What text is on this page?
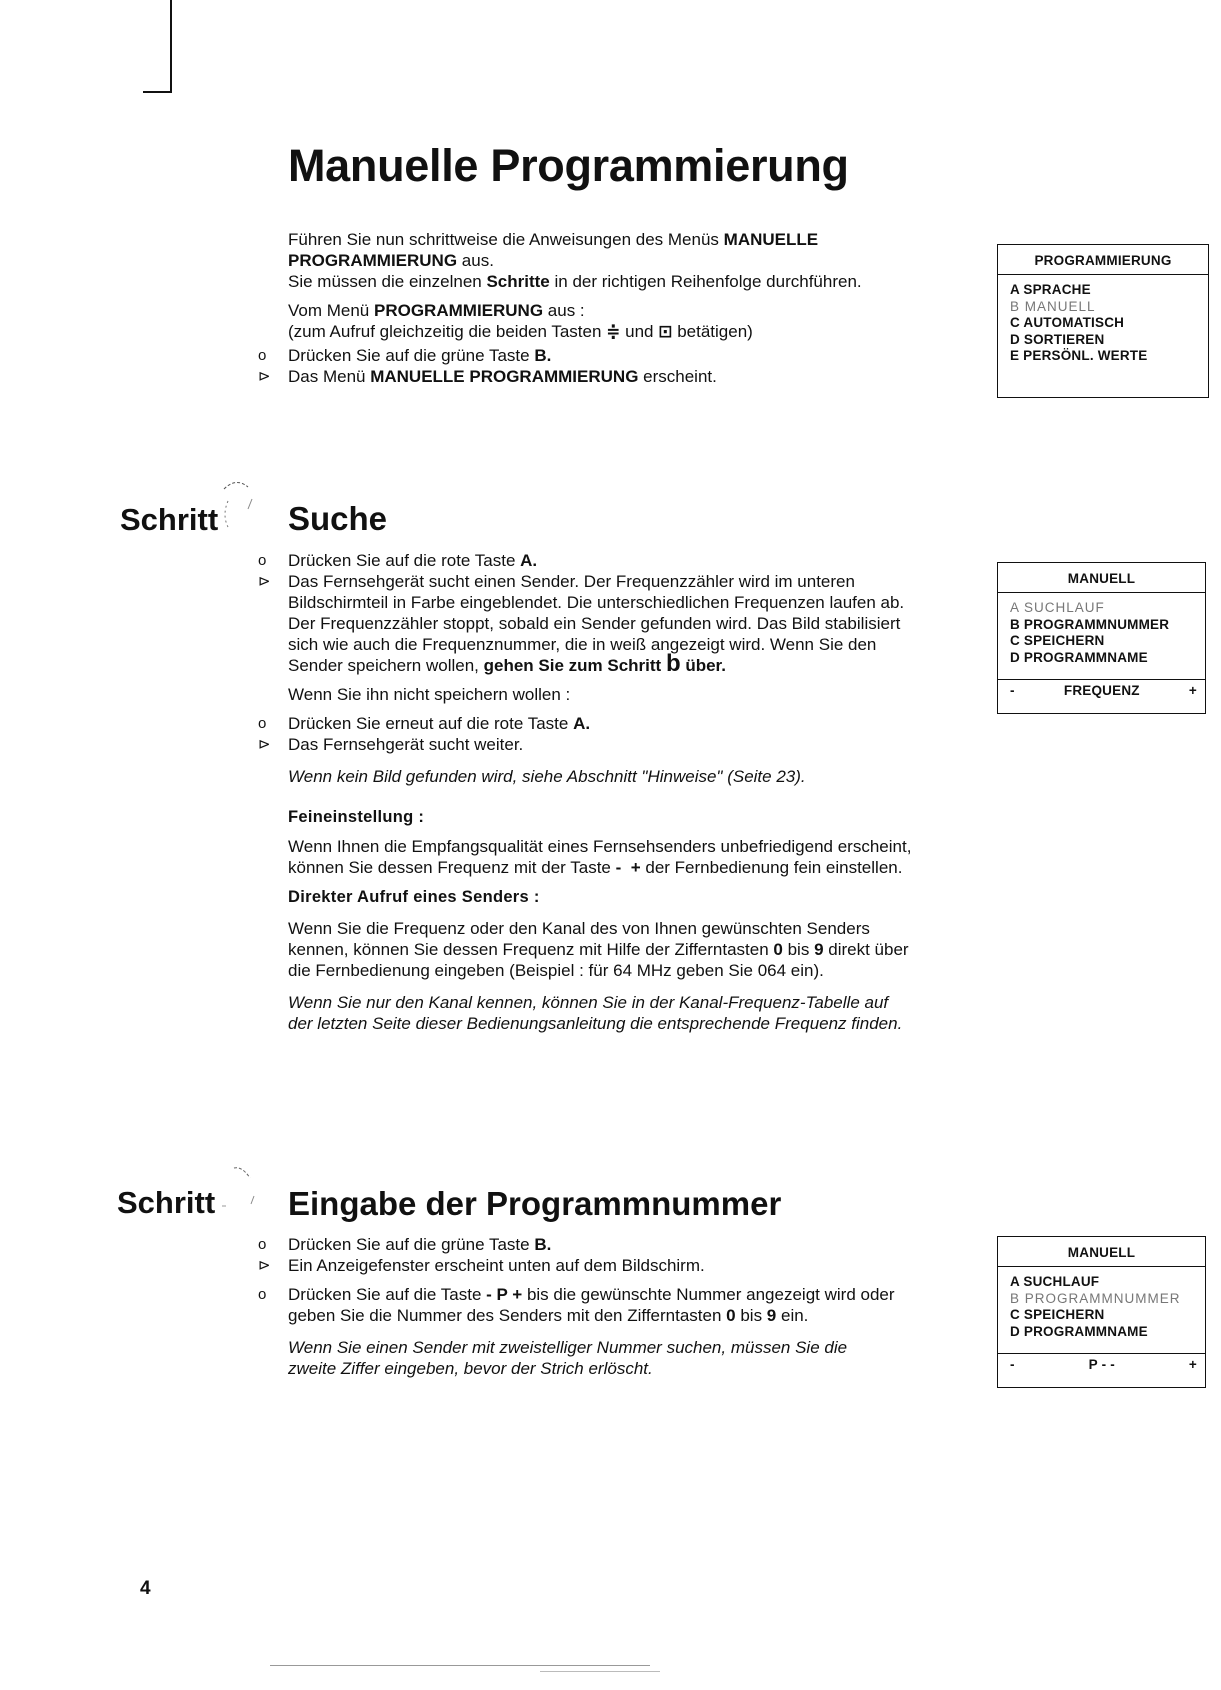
Manuelle Programmierung
Führen Sie nun schrittweise die Anweisungen des Menüs MANUELLE
PROGRAMMIERUNG aus.
Sie müssen die einzelnen Schritte in der richtigen Reihenfolge durchführen.
Vom Menü PROGRAMMIERUNG aus :
(zum Aufruf gleichzeitig die beiden Tasten ≑ und ⊡ betätigen)
o	Drücken Sie auf die grüne Taste B.
⊳	Das Menü MANUELLE PROGRAMMIERUNG erscheint.
PROGRAMMIERUNG
A SPRACHE
B MANUELL
C AUTOMATISCH
D SORTIEREN
E PERSÖNL. WERTE
Schritt Suche
o	Drücken Sie auf die rote Taste A.
⊳	Das Fernsehgerät sucht einen Sender. Der Frequenzzähler wird im unteren
Bildschirmteil in Farbe eingeblendet. Die unterschiedlichen Frequenzen laufen ab.
Der Frequenzzähler stoppt, sobald ein Sender gefunden wird. Das Bild stabilisiert
sich wie auch die Frequenznummer, die in weiß angezeigt wird. Wenn Sie den
Sender speichern wollen, gehen Sie zum Schritt b über.
Wenn Sie ihn nicht speichern wollen :
o	Drücken Sie erneut auf die rote Taste A.
⊳	Das Fernsehgerät sucht weiter.
Wenn kein Bild gefunden wird, siehe Abschnitt "Hinweise" (Seite 23).
Feineinstellung :
Wenn Ihnen die Empfangsqualität eines Fernsehsenders unbefriedigend erscheint,
können Sie dessen Frequenz mit der Taste -  + der Fernbedienung fein einstellen.
Direkter Aufruf eines Senders :
Wenn Sie die Frequenz oder den Kanal des von Ihnen gewünschten Senders
kennen, können Sie dessen Frequenz mit Hilfe der Zifferntasten 0 bis 9 direkt über
die Fernbedienung eingeben (Beispiel : für 64 MHz geben Sie 064 ein).
Wenn Sie nur den Kanal kennen, können Sie in der Kanal-Frequenz-Tabelle auf
der letzten Seite dieser Bedienungsanleitung die entsprechende Frequenz finden.
MANUELL
A SUCHLAUF
B PROGRAMMNUMMER
C SPEICHERN
D PROGRAMMNAME
-	FREQUENZ	+
Schritt Eingabe der Programmnummer
o	Drücken Sie auf die grüne Taste B.
⊳	Ein Anzeigefenster erscheint unten auf dem Bildschirm.
o	Drücken Sie auf die Taste - P + bis die gewünschte Nummer angezeigt wird oder
geben Sie die Nummer des Senders mit den Zifferntasten 0 bis 9 ein.
Wenn Sie einen Sender mit zweistelliger Nummer suchen, müssen Sie die
zweite Ziffer eingeben, bevor der Strich erlöscht.
MANUELL
A SUCHLAUF
B PROGRAMMNUMMER
C SPEICHERN
D PROGRAMMNAME
-	P - -	+
4
